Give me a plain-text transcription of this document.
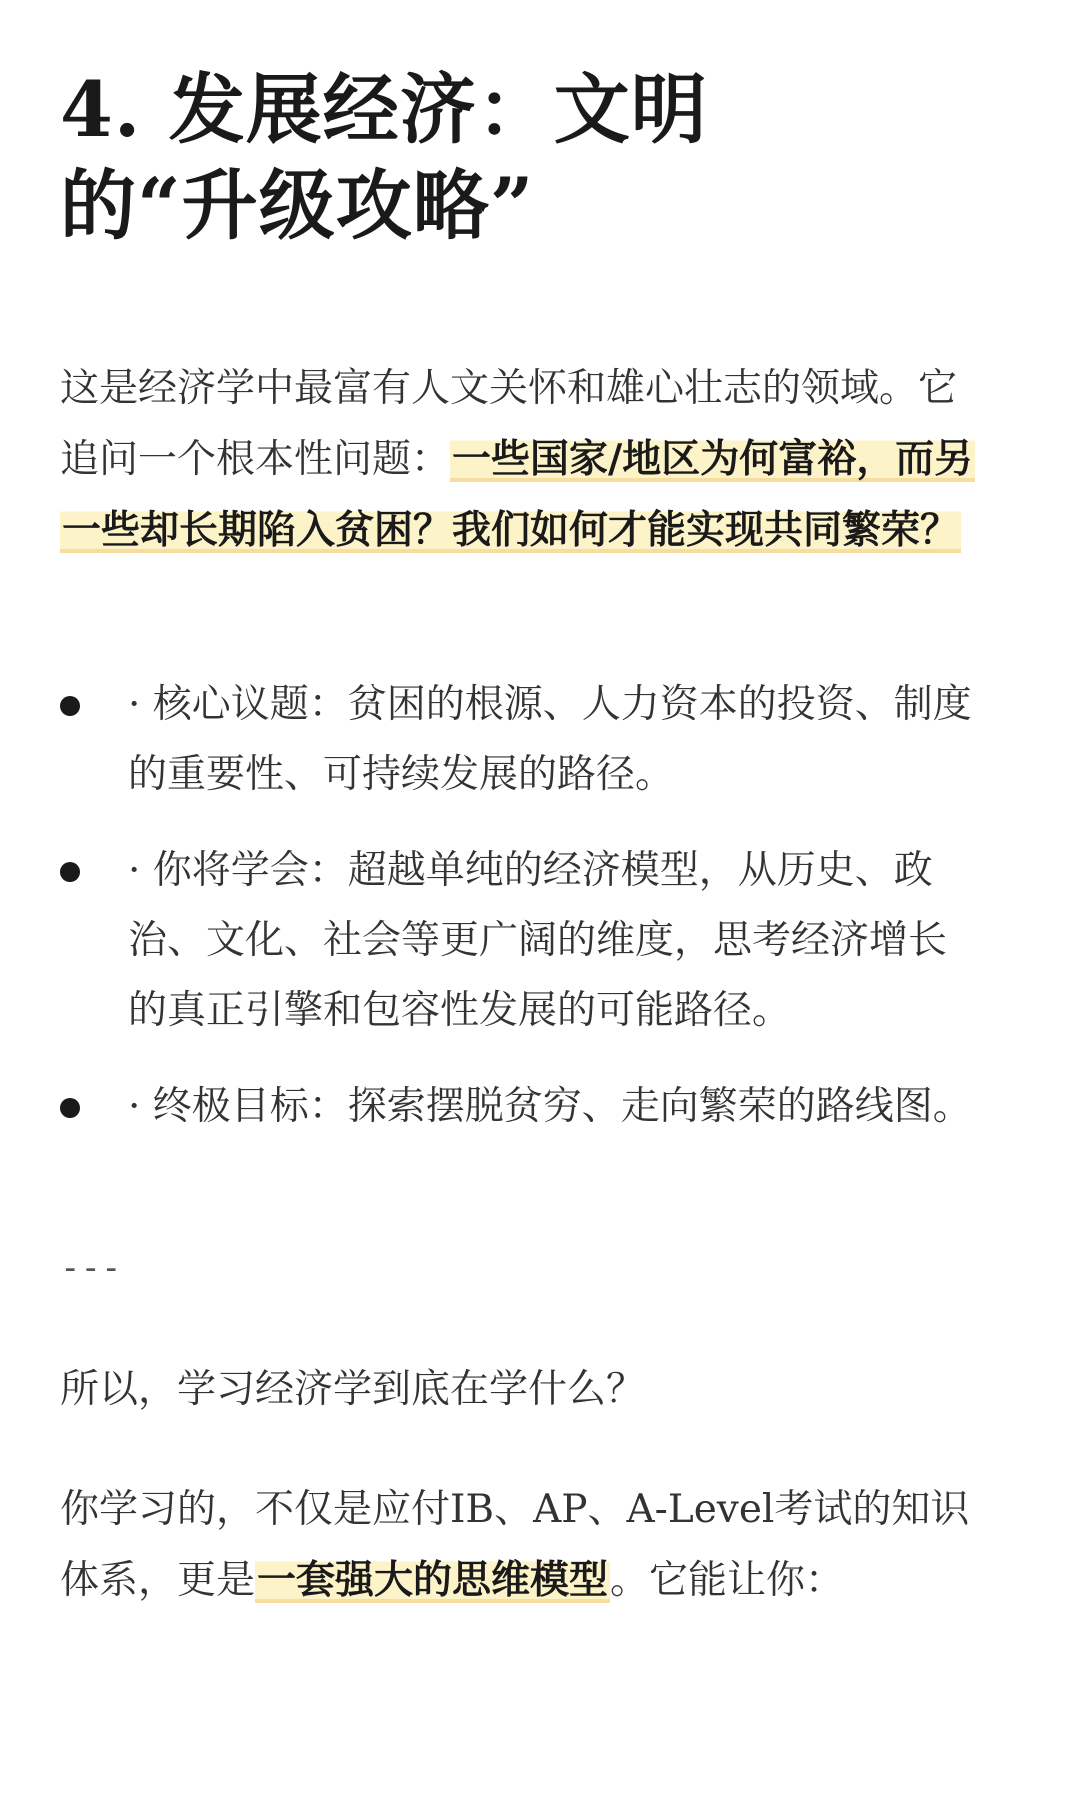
4. 发展经济：文明
的“升级攻略”

这是经济学中最富有人文关怀和雄心壮志的领域。它
追问一个根本性问题：一些国家/地区为何富裕，而另
一些却长期陷入贫困？我们如何才能实现共同繁荣？

· 核心议题：贫困的根源、人力资本的投资、制度
的重要性、可持续发展的路径。
· 你将学会：超越单纯的经济模型，从历史、政
治、文化、社会等更广阔的维度，思考经济增长
的真正引擎和包容性发展的可能路径。
· 终极目标：探索摆脱贫穷、走向繁荣的路线图。

---

所以，学习经济学到底在学什么？

你学习的，不仅是应付IB、AP、A-Level考试的知识
体系，更是一套强大的思维模型。它能让你：
